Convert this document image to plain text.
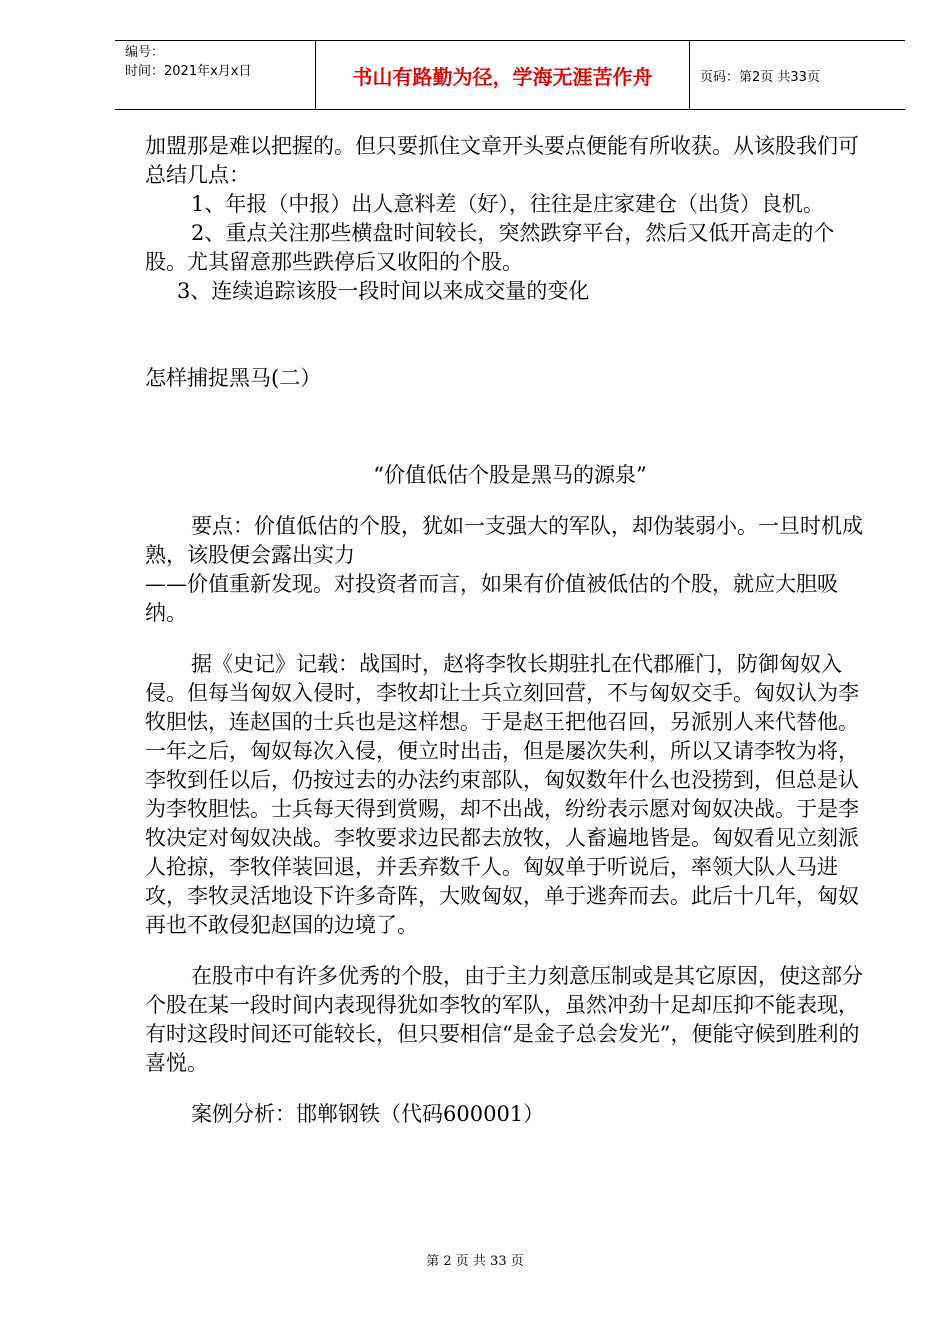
编号：
时间：2021年x月x日	书山有路勤为径，学海无涯苦作舟	页码：第2页 共33页

加盟那是难以把握的。但只要抓住文章开头要点便能有所收获。从该股我们可总结几点：

1、年报（中报）出人意料差（好），往往是庄家建仓（出货）良机。

2、重点关注那些横盘时间较长，突然跌穿平台，然后又低开高走的个股。尤其留意那些跌停后又收阳的个股。

3、连续追踪该股一段时间以来成交量的变化

怎样捕捉黑马(二）

“价值低估个股是黑马的源泉”

要点：价值低估的个股，犹如一支强大的军队，却伪装弱小。一旦时机成熟，该股便会露出实力

——价值重新发现。对投资者而言，如果有价值被低估的个股，就应大胆吸纳。

据《史记》记载：战国时，赵将李牧长期驻扎在代郡雁门，防御匈奴入侵。但每当匈奴入侵时，李牧却让士兵立刻回营，不与匈奴交手。匈奴认为李牧胆怯，连赵国的士兵也是这样想。于是赵王把他召回，另派别人来代替他。一年之后，匈奴每次入侵，便立时出击，但是屡次失利，所以又请李牧为将，李牧到任以后，仍按过去的办法约束部队，匈奴数年什么也没捞到，但总是认为李牧胆怯。士兵每天得到赏赐，却不出战，纷纷表示愿对匈奴决战。于是李牧决定对匈奴决战。李牧要求边民都去放牧，人畜遍地皆是。匈奴看见立刻派人抢掠，李牧佯装回退，并丢弃数千人。匈奴单于听说后，率领大队人马进攻，李牧灵活地设下许多奇阵，大败匈奴，单于逃奔而去。此后十几年，匈奴再也不敢侵犯赵国的边境了。

在股市中有许多优秀的个股，由于主力刻意压制或是其它原因，使这部分个股在某一段时间内表现得犹如李牧的军队，虽然冲劲十足却压抑不能表现，有时这段时间还可能较长，但只要相信“是金子总会发光”，便能守候到胜利的喜悦。

案例分析：邯郸钢铁（代码600001）

第 2 页 共 33 页
